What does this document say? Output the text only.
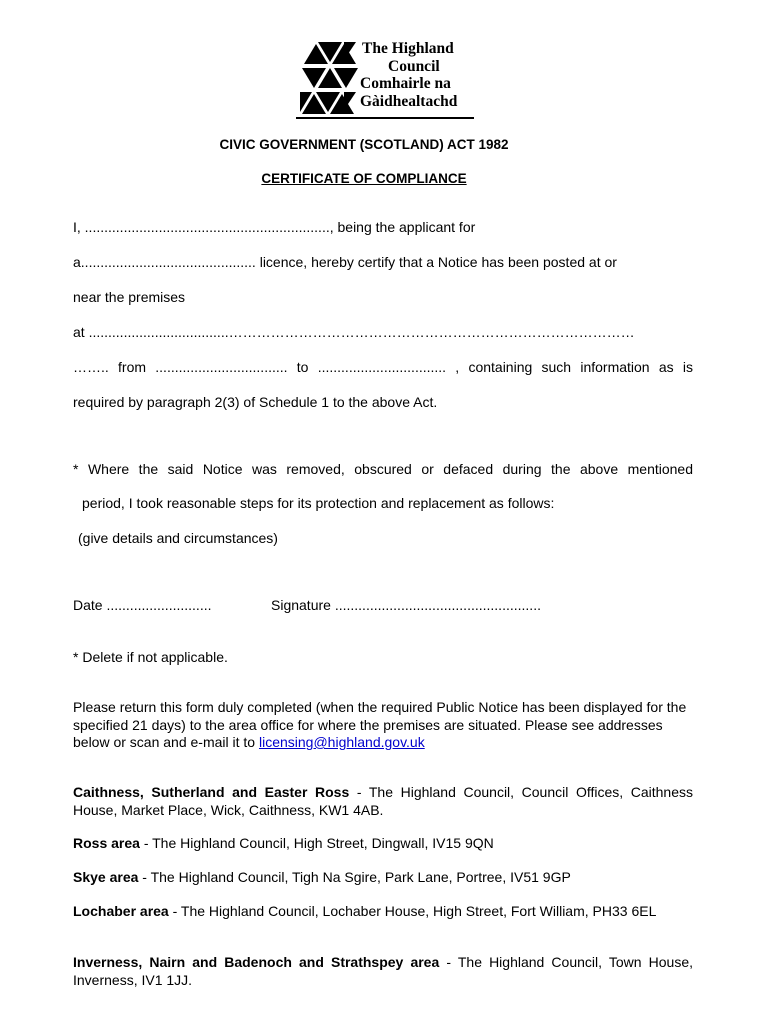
The Highland
Council
Comhairle na
Gàidhealtachd
CIVIC GOVERNMENT (SCOTLAND) ACT 1982
CERTIFICATE OF COMPLIANCE
I, ..............................................................., being the applicant for
a............................................. licence, hereby certify that a Notice has been posted at or
near the premises
at ....................................……………………………………………………………………………
…….. from .................................. to ................................. , containing such information as is
required by paragraph 2(3) of Schedule 1 to the above Act.
* Where the said Notice was removed, obscured or defaced during the above mentioned
period, I took reasonable steps for its protection and replacement as follows:
(give details and circumstances)
Date ...........................	Signature .....................................................
* Delete if not applicable.
Please return this form duly completed (when the required Public Notice has been displayed for the specified 21 days) to the area office for where the premises are situated. Please see addresses below or scan and e-mail it to licensing@highland.gov.uk
Caithness, Sutherland and Easter Ross - The Highland Council, Council Offices, Caithness House, Market Place, Wick, Caithness, KW1 4AB.
Ross area - The Highland Council, High Street, Dingwall, IV15 9QN
Skye area - The Highland Council, Tigh Na Sgire, Park Lane, Portree, IV51 9GP
Lochaber area - The Highland Council, Lochaber House, High Street, Fort William, PH33 6EL
Inverness, Nairn and Badenoch and Strathspey area - The Highland Council, Town House, Inverness, IV1 1JJ.
